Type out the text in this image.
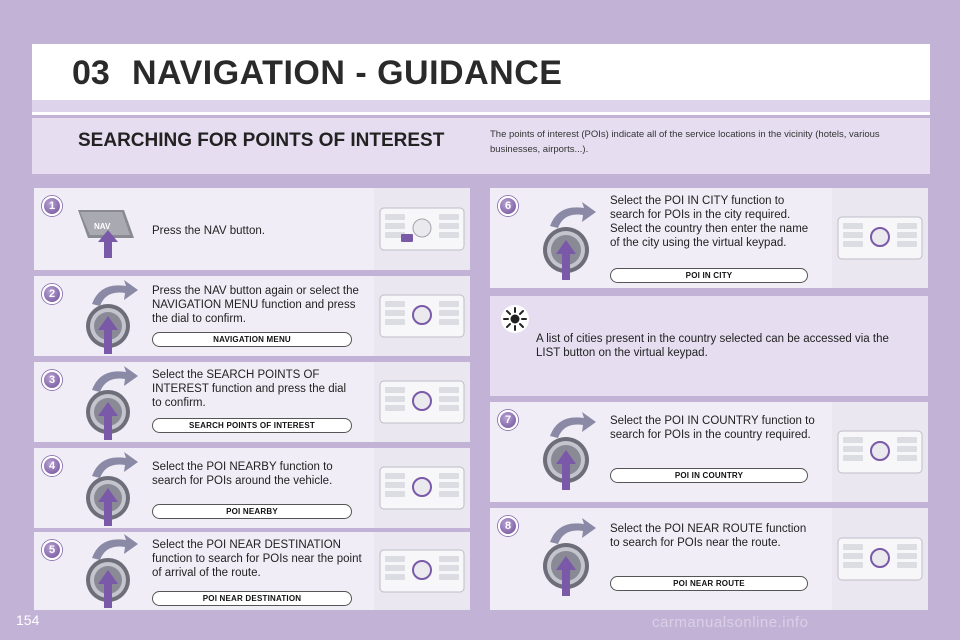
03 NAVIGATION - GUIDANCE
SEARCHING FOR POINTS OF INTEREST	The points of interest (POIs) indicate all of the service locations in the vicinity (hotels, various businesses, airports...).
1
NAV	Press the NAV button.
2	Press the NAV button again or select the NAVIGATION MENU function and press the dial to confirm.
NAVIGATION MENU
3	Select the SEARCH POINTS OF INTEREST function and press the dial to confirm.
SEARCH POINTS OF INTEREST
4	Select the POI NEARBY function to search for POIs around the vehicle.
POI NEARBY
5	Select the POI NEAR DESTINATION function to search for POIs near the point of arrival of the route.
POI NEAR DESTINATION
6	Select the POI IN CITY function to search for POIs in the city required. Select the country then enter the name of the city using the virtual keypad.
POI IN CITY
A list of cities present in the country selected can be accessed via the LIST button on the virtual keypad.
7	Select the POI IN COUNTRY function to search for POIs in the country required.
POI IN COUNTRY
8	Select the POI NEAR ROUTE function to search for POIs near the route.
POI NEAR ROUTE
154	carmanualsonline.info
